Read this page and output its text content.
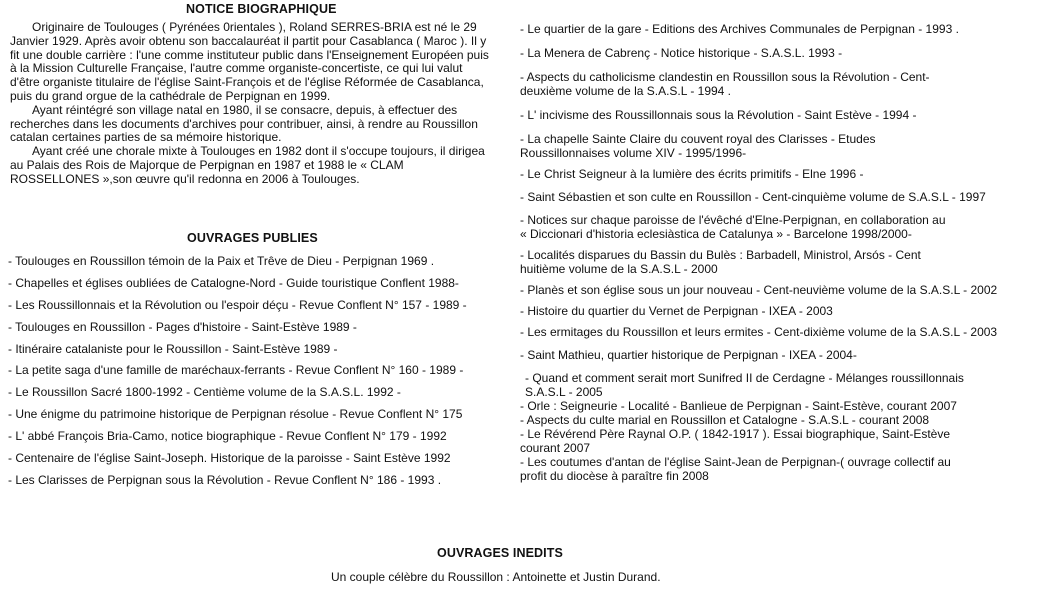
NOTICE BIOGRAPHIQUE

Originaire de Toulouges ( Pyrénées 0rientales ), Roland SERRES-BRIA est né le 29 Janvier 1929. Après avoir obtenu son baccalauréat il partit pour Casablanca ( Maroc ). Il y fit une double carrière : l'une comme instituteur public dans l'Enseignement Européen puis à la Mission Culturelle Française, l'autre comme organiste-concertiste, ce qui lui valut d'être organiste titulaire de l'église Saint-François et de l'église Réformée de Casablanca, puis du grand orgue de la cathédrale de Perpignan en 1999.

Ayant réintégré son village natal en 1980, il se consacre, depuis, à effectuer des recherches dans les documents d'archives pour contribuer, ainsi, à rendre au Roussillon catalan certaines parties de sa mémoire historique.

Ayant créé une chorale mixte à Toulouges en 1982 dont il s'occupe toujours, il dirigea au Palais des Rois de Majorque de Perpignan en 1987 et 1988 le « CLAM ROSSELLONES »,son œuvre qu'il redonna en 2006 à Toulouges.

OUVRAGES PUBLIES
- Toulouges en Roussillon témoin de la Paix et Trêve de Dieu - Perpignan 1969 .
- Chapelles et églises oubliées de Catalogne-Nord - Guide touristique Conflent 1988-
- Les Roussillonnais et la Révolution ou l'espoir déçu - Revue Conflent N° 157 - 1989 -
- Toulouges en Roussillon - Pages d'histoire - Saint-Estève 1989 -
- Itinéraire catalaniste pour le Roussillon - Saint-Estève 1989 -
- La petite saga d'une famille de maréchaux-ferrants - Revue Conflent N° 160 - 1989 -
- Le Roussillon Sacré 1800-1992 - Centième volume de la S.A.S.L. 1992 -
- Une énigme du patrimoine historique de Perpignan résolue - Revue Conflent N° 175
- L' abbé François Bria-Camo, notice biographique - Revue Conflent N° 179 - 1992
- Centenaire de l'église Saint-Joseph. Historique de la paroisse - Saint Estève 1992
- Les Clarisses de Perpignan sous la Révolution - Revue Conflent N° 186 - 1993 .
- Le quartier de la gare - Editions des Archives Communales de Perpignan - 1993 .
- La Menera de Cabrenç - Notice historique - S.A.S.L. 1993 -
- Aspects du catholicisme clandestin en Roussillon sous la Révolution - Cent-
deuxième volume de la S.A.S.L - 1994 .
- L' incivisme des Roussillonnais sous la Révolution - Saint Estève - 1994 -
- La chapelle Sainte Claire du couvent royal des Clarisses - Etudes
Roussillonnaises volume XIV - 1995/1996-
- Le Christ Seigneur à la lumière des écrits primitifs - Elne 1996 -
- Saint Sébastien et son culte en Roussillon - Cent-cinquième volume de S.A.S.L - 1997
- Notices sur chaque paroisse de l'évêché d'Elne-Perpignan, en collaboration au
« Diccionari d'historia eclesiàstica de Catalunya » - Barcelone 1998/2000-
- Localités disparues du Bassin du Bulès : Barbadell, Ministrol, Arsós - Cent
huitième volume de la S.A.S.L - 2000
- Planès et son église sous un jour nouveau - Cent-neuvième volume de la S.A.S.L - 2002
- Histoire du quartier du Vernet de Perpignan - IXEA - 2003
- Les ermitages du Roussillon et leurs ermites - Cent-dixième volume de la S.A.S.L - 2003
- Saint Mathieu, quartier historique de Perpignan - IXEA - 2004-
- Quand et comment serait mort Sunifred II de Cerdagne - Mélanges roussillonnais
S.A.S.L - 2005
- Orle : Seigneurie - Localité - Banlieue de Perpignan - Saint-Estève, courant 2007
- Aspects du culte marial en Roussillon et Catalogne - S.A.S.L - courant 2008
- Le Révérend Père Raynal O.P. ( 1842-1917 ). Essai biographique, Saint-Estève
courant 2007
- Les coutumes d'antan de l'église Saint-Jean de Perpignan-( ouvrage collectif au
profit du diocèse à paraître fin 2008
OUVRAGES INEDITS
Un couple célèbre du Roussillon : Antoinette et Justin Durand.
